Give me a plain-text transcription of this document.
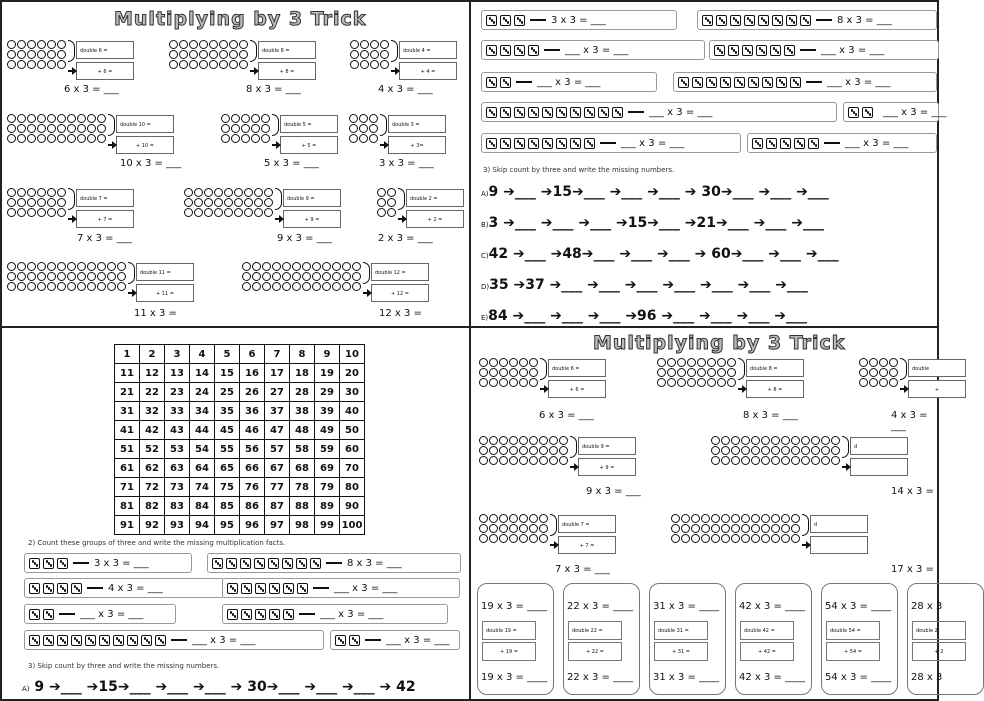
Multiplying by 3 Trick
double 6 =
+ 6 =
6 x 3 = ___
double 8 =
+ 8 =
8 x 3 = ___
double 4 =
+ 4 =
4 x 3 = ___
double 10 =
+ 10 =
10 x 3 = ___
double 5 =
+ 5 =
5 x 3 = ___
double 3 =
+ 3=
3 x 3 = ___
double 7 =
+ 7 =
7 x 3 = ___
double 9 =
+ 9 =
9 x 3 = ___
double 2 =
+ 2 =
2 x 3 = ___
double 11 =
+ 11 =
11 x 3 =
double 12 =
+ 12 =
12 x 3 =
3 x 3 = ___	8 x 3 = ___
___ x 3 = ___	___ x 3 = ___
___ x 3 = ___	___ x 3 = ___
___ x 3 = ___	___ x 3 = ___
___ x 3 = ___	___ x 3 = ___
3) Skip count by three and write the missing numbers.
A)9 ➔___ ➔15➔___ ➔___ ➔___ ➔ 30➔___ ➔___ ➔___
B)3 ➔___ ➔___ ➔___ ➔15➔___ ➔21➔___ ➔___ ➔___
C)42 ➔___ ➔48➔___ ➔___ ➔___ ➔ 60➔___ ➔___ ➔___
D)35 ➔37 ➔___ ➔___ ➔___ ➔___ ➔___ ➔___ ➔___
E)84 ➔___ ➔___ ➔___ ➔96 ➔___ ➔___ ➔___ ➔___
1	2	3	4	5	6	7	8	9	10
11	12	13	14	15	16	17	18	19	20
21	22	23	24	25	26	27	28	29	30
31	32	33	34	35	36	37	38	39	40
41	42	43	44	45	46	47	48	49	50
51	52	53	54	55	56	57	58	59	60
61	62	63	64	65	66	67	68	69	70
71	72	73	74	75	76	77	78	79	80
81	82	83	84	85	86	87	88	89	90
91	92	93	94	95	96	97	98	99	100
2) Count these groups of three and write the missing multiplication facts.
3 x 3 = ___	8 x 3 = ___
4 x 3 = ___	___ x 3 = ___
___ x 3 = ___	___ x 3 = ___
___ x 3 = ___	___ x 3 = ___
3) Skip count by three and write the missing numbers.
A) 9 ➔___ ➔15➔___ ➔___ ➔___ ➔ 30➔___ ➔___ ➔___ ➔ 42
Multiplying by 3 Trick
double 6 =
+ 6 =
6 x 3 = ___
double 8 =
+ 8 =
8 x 3 = ___
double
+
4 x 3 = ___
double 9 =
+ 9 =
9 x 3 = ___
d
14 x 3 =
double 7 =
+ 7 =
7 x 3 = ___
d
17 x 3 =
19 x 3 = ____
double 19 =
+ 19 =
19 x 3 = ____
22 x 3 = ____
double 22 =
+ 22 =
22 x 3 = ____
31 x 3 = ____
double 31 =
+ 31 =
31 x 3 = ____
42 x 3 = ____
double 42 =
+ 42 =
42 x 3 = ____
54 x 3 = ____
double 54 =
+ 54 =
54 x 3 = ____
28 x 3
double 2
+ 2
28 x 3
